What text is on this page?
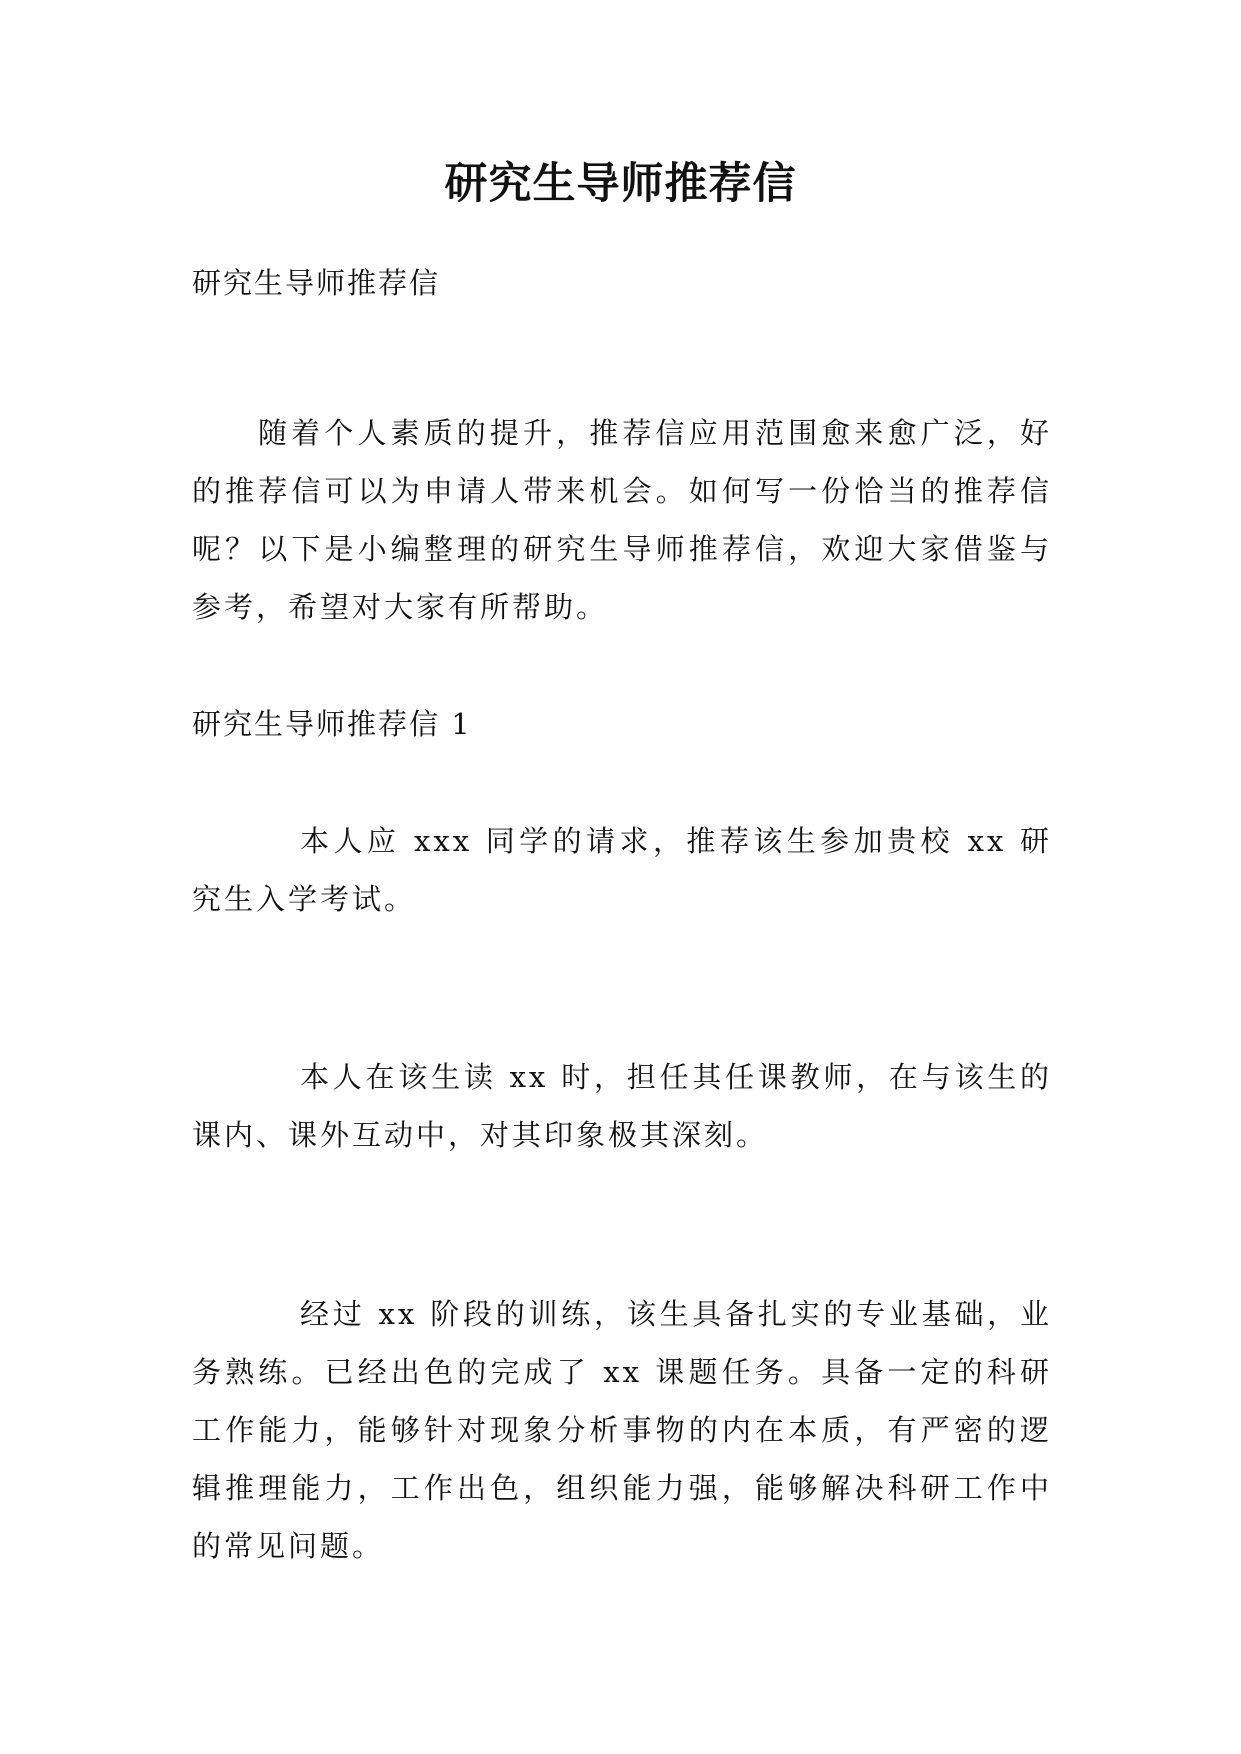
研究生导师推荐信

研究生导师推荐信

随着个人素质的提升，推荐信应用范围愈来愈广泛，好的推荐信可以为申请人带来机会。如何写一份恰当的推荐信呢？以下是小编整理的研究生导师推荐信，欢迎大家借鉴与参考，希望对大家有所帮助。

研究生导师推荐信 1

本人应 xxx 同学的请求，推荐该生参加贵校 xx 研究生入学考试。

本人在该生读 xx 时，担任其任课教师，在与该生的课内、课外互动中，对其印象极其深刻。

经过 xx 阶段的训练，该生具备扎实的专业基础，业务熟练。已经出色的完成了 xx 课题任务。具备一定的科研工作能力，能够针对现象分析事物的内在本质，有严密的逻辑推理能力，工作出色，组织能力强，能够解决科研工作中的常见问题。
